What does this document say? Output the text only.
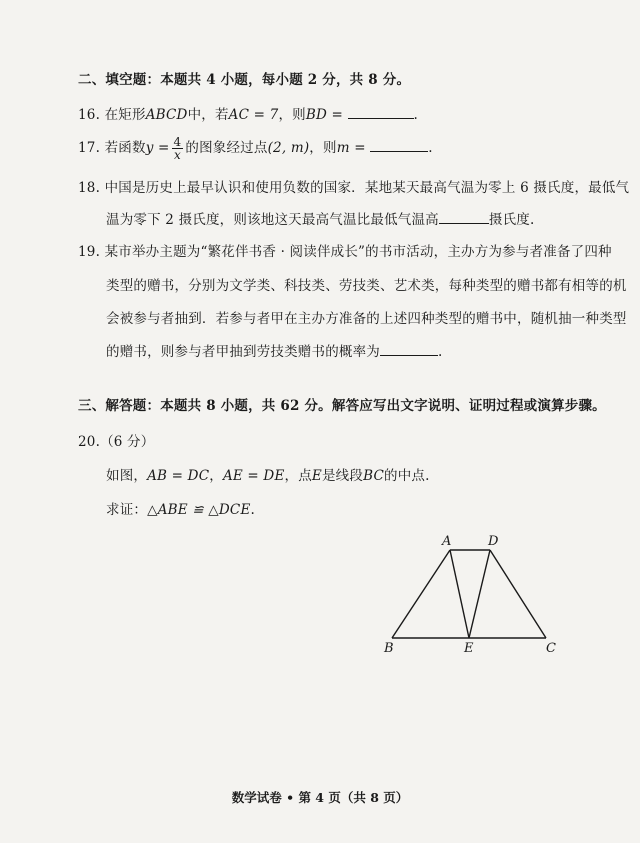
二、填空题：本题共 4 小题，每小题 2 分，共 8 分。
16. 在矩形ABCD中，若AC = 7，则BD =	.
17. 若函数$y = \frac{4}{x}$ 的图象经过点(2, m)，则m =	.
18. 中国是历史上最早认识和使用负数的国家．某地某天最高气温为零上 6 摄氏度，最低气
温为零下 2 摄氏度，则该地这天最高气温比最低气温高	摄氏度.
19. 某市举办主题为“繁花伴书香 · 阅读伴成长”的书市活动，主办方为参与者准备了四种
类型的赠书，分别为文学类、科技类、劳技类、艺术类，每种类型的赠书都有相等的机
会被参与者抽到．若参与者甲在主办方准备的上述四种类型的赠书中，随机抽一种类型
的赠书，则参与者甲抽到劳技类赠书的概率为	.
三、解答题：本题共 8 小题，共 62 分。解答应写出文字说明、证明过程或演算步骤。
20.（6 分）
如图，AB = DC，AE = DE，点E是线段BC的中点.
求证：△ABE ≌ △DCE.
A	D
B	E	C
数学试卷 • 第 4 页（共 8 页）
